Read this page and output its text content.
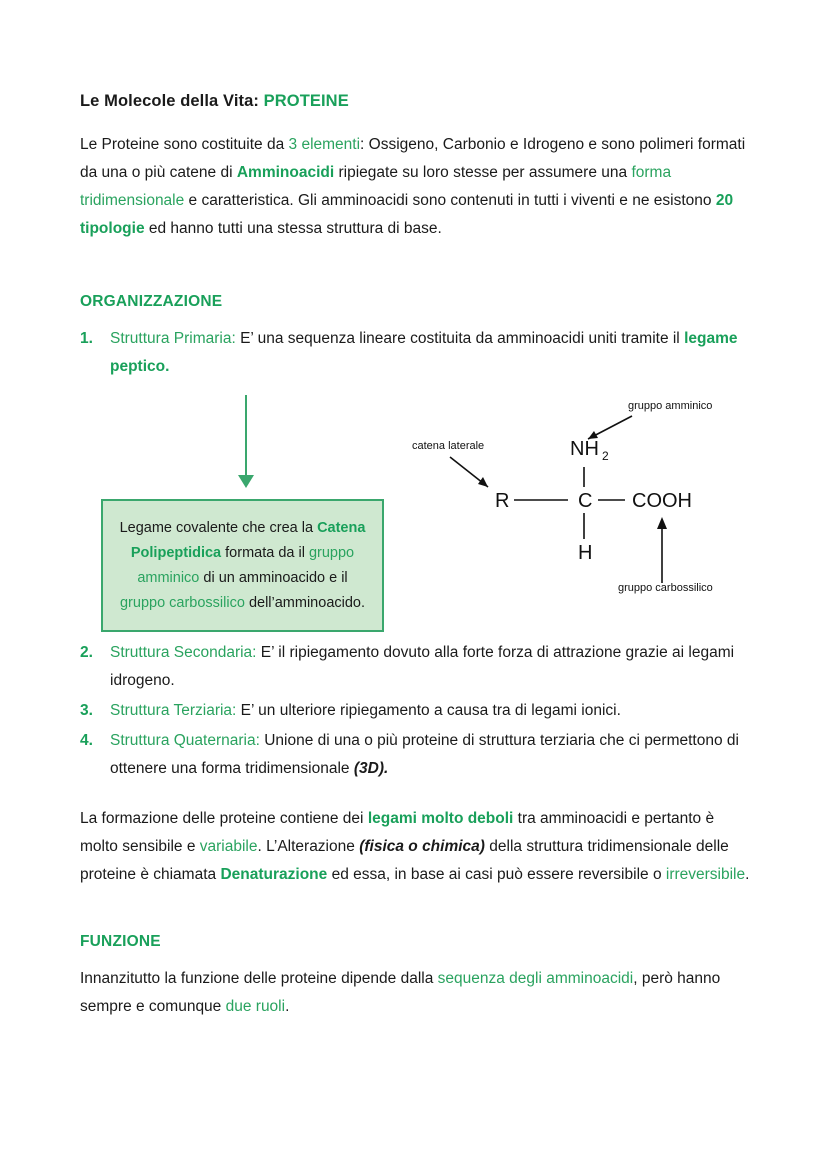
Le Molecole della Vita: PROTEINE

Le Proteine sono costituite da 3 elementi: Ossigeno, Carbonio e Idrogeno e sono polimeri formati da una o più catene di Amminoacidi ripiegate su loro stesse per assumere una forma tridimensionale e caratteristica. Gli amminoacidi sono contenuti in tutti i viventi e ne esistono 20 tipologie ed hanno tutti una stessa struttura di base.

ORGANIZZAZIONE
1. Struttura Primaria: E’ una sequenza lineare costituita da amminoacidi uniti tramite il legame peptico.
Legame covalente che crea la Catena Polipeptidica formata da il gruppo amminico di un amminoacido e il gruppo carbossilico dell’amminoacido.
catena laterale
gruppo amminico
gruppo carbossilico
R	C
NH 2
H
COOH
2. Struttura Secondaria: E’ il ripiegamento dovuto alla forte forza di attrazione grazie ai legami idrogeno.
3. Struttura Terziaria: E’ un ulteriore ripiegamento a causa tra di legami ionici.
4. Struttura Quaternaria: Unione di una o più proteine di struttura terziaria che ci permettono di ottenere una forma tridimensionale (3D).

La formazione delle proteine contiene dei legami molto deboli tra amminoacidi e pertanto è molto sensibile e variabile. L’Alterazione (fisica o chimica) della struttura tridimensionale delle proteine è chiamata Denaturazione ed essa, in base ai casi può essere reversibile o irreversibile.

FUNZIONE

Innanzitutto la funzione delle proteine dipende dalla sequenza degli amminoacidi, però hanno sempre e comunque due ruoli.
